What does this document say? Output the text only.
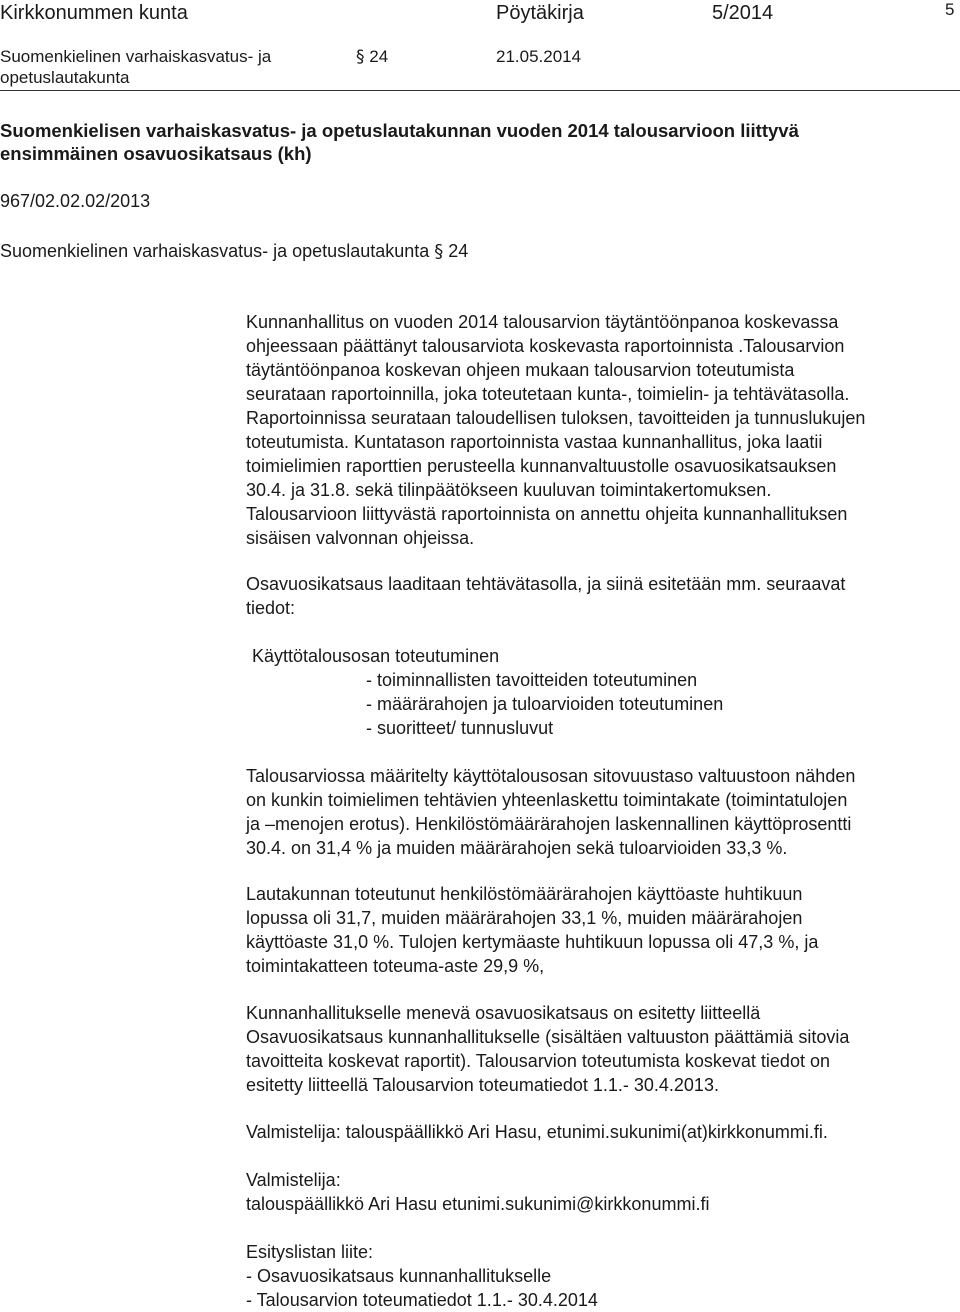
Kirkkonummen kunta	Pöytäkirja	5/2014	5
Suomenkielinen varhaiskasvatus- ja
opetuslautakunta
§ 24	21.05.2014
Suomenkielisen varhaiskasvatus- ja opetuslautakunnan vuoden 2014 talousarvioon liittyvä
ensimmäinen osavuosikatsaus (kh)
967/02.02.02/2013
Suomenkielinen varhaiskasvatus- ja opetuslautakunta § 24

Kunnanhallitus on vuoden 2014 talousarvion täytäntöönpanoa koskevassa

ohjeessaan päättänyt talousarviota koskevasta raportoinnista .Talousarvion

täytäntöönpanoa koskevan ohjeen mukaan talousarvion toteutumista

seurataan raportoinnilla, joka toteutetaan kunta-, toimielin- ja tehtävätasolla.

Raportoinnissa seurataan taloudellisen tuloksen, tavoitteiden ja tunnuslukujen

toteutumista. Kuntatason raportoinnista vastaa kunnanhallitus, joka laatii

toimielimien raporttien perusteella kunnanvaltuustolle osavuosikatsauksen

30.4. ja 31.8. sekä tilinpäätökseen kuuluvan toimintakertomuksen.

Talousarvioon liittyvästä raportoinnista on annettu ohjeita kunnanhallituksen

sisäisen valvonnan ohjeissa.

Osavuosikatsaus laaditaan tehtävätasolla, ja siinä esitetään mm. seuraavat

tiedot:

Käyttötalousosan toteutuminen
- toiminnallisten tavoitteiden toteutuminen
- määrärahojen ja tuloarvioiden toteutuminen
- suoritteet/ tunnusluvut

Talousarviossa määritelty käyttötalousosan sitovuustaso valtuustoon nähden

on kunkin toimielimen tehtävien yhteenlaskettu toimintakate (toimintatulojen

ja –menojen erotus). Henkilöstömäärärahojen laskennallinen käyttöprosentti

30.4. on 31,4 % ja muiden määrärahojen sekä tuloarvioiden 33,3 %.

Lautakunnan toteutunut henkilöstömäärärahojen käyttöaste huhtikuun

lopussa oli 31,7, muiden määrärahojen 33,1 %, muiden määrärahojen

käyttöaste 31,0 %. Tulojen kertymäaste huhtikuun lopussa oli 47,3 %, ja

toimintakatteen toteuma-aste 29,9 %,

Kunnanhallitukselle menevä osavuosikatsaus on esitetty liitteellä

Osavuosikatsaus kunnanhallitukselle (sisältäen valtuuston päättämiä sitovia

tavoitteita koskevat raportit). Talousarvion toteutumista koskevat tiedot on

esitetty liitteellä Talousarvion toteumatiedot 1.1.- 30.4.2013.

Valmistelija: talouspäällikkö Ari Hasu, etunimi.sukunimi(at)kirkkonummi.fi.

Valmistelija:

talouspäällikkö Ari Hasu etunimi.sukunimi@kirkkonummi.fi

Esityslistan liite:

- Osavuosikatsaus kunnanhallitukselle

- Talousarvion toteumatiedot 1.1.- 30.4.2014
